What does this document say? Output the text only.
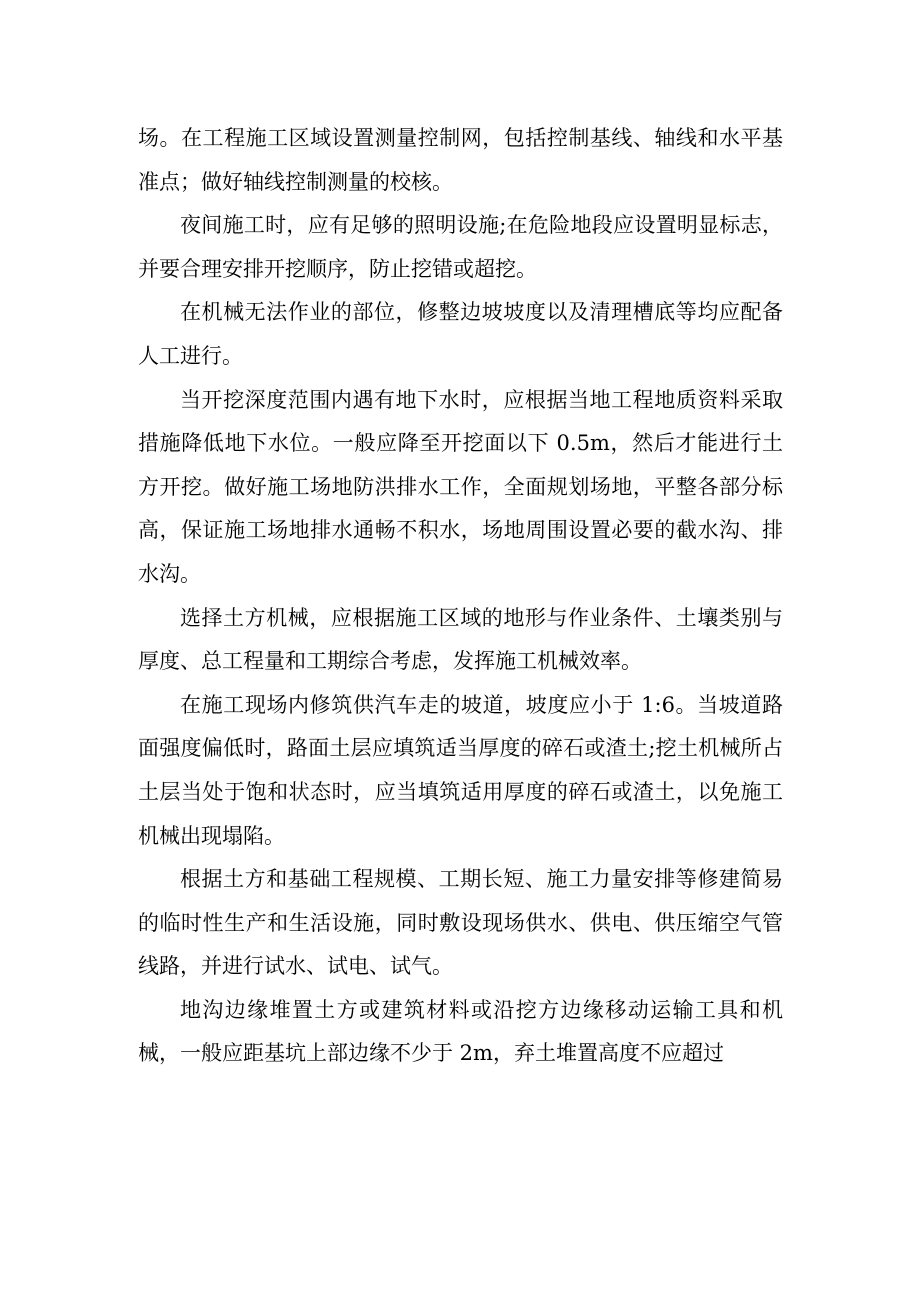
场。在工程施工区域设置测量控制网，包括控制基线、轴线和水平基准点；做好轴线控制测量的校核。

夜间施工时，应有足够的照明设施;在危险地段应设置明显标志，并要合理安排开挖顺序，防止挖错或超挖。

在机械无法作业的部位，修整边坡坡度以及清理槽底等均应配备人工进行。

当开挖深度范围内遇有地下水时，应根据当地工程地质资料采取措施降低地下水位。一般应降至开挖面以下 0.5m，然后才能进行土方开挖。做好施工场地防洪排水工作，全面规划场地，平整各部分标高，保证施工场地排水通畅不积水，场地周围设置必要的截水沟、排水沟。

选择土方机械，应根据施工区域的地形与作业条件、土壤类别与厚度、总工程量和工期综合考虑，发挥施工机械效率。

在施工现场内修筑供汽车走的坡道，坡度应小于 1:6。当坡道路面强度偏低时，路面土层应填筑适当厚度的碎石或渣土;挖土机械所占土层当处于饱和状态时，应当填筑适用厚度的碎石或渣土，以免施工机械出现塌陷。

根据土方和基础工程规模、工期长短、施工力量安排等修建简易的临时性生产和生活设施，同时敷设现场供水、供电、供压缩空气管线路，并进行试水、试电、试气。

地沟边缘堆置土方或建筑材料或沿挖方边缘移动运输工具和机械，一般应距基坑上部边缘不少于 2m，弃土堆置高度不应超过
